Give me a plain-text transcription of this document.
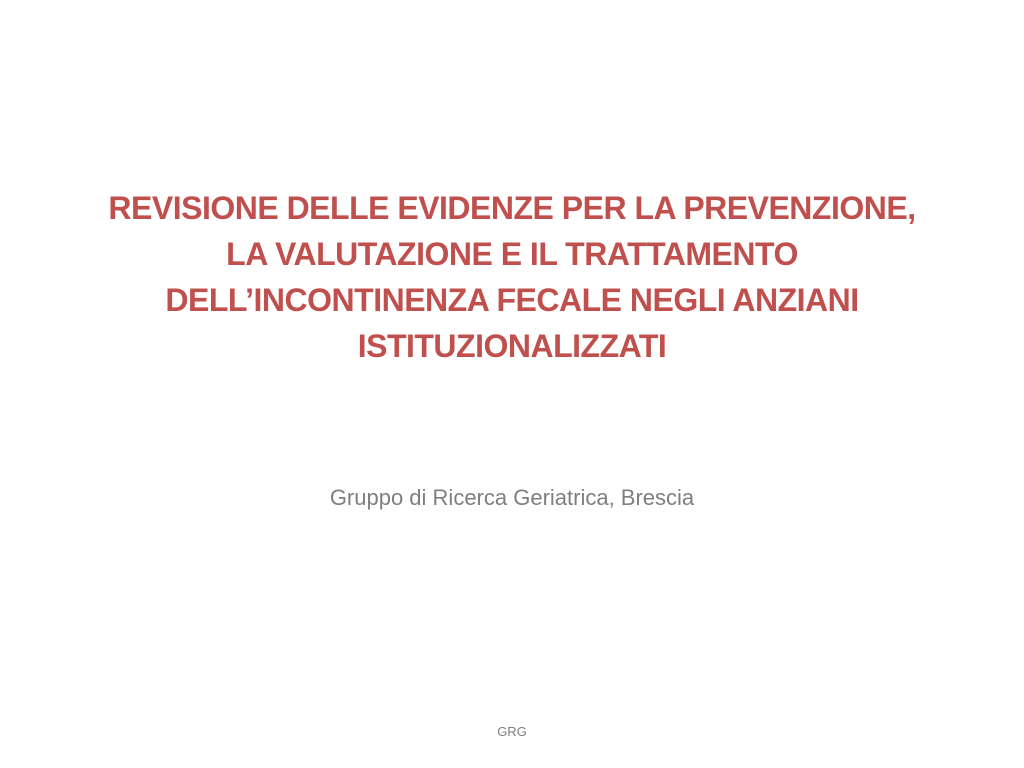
REVISIONE DELLE EVIDENZE PER LA PREVENZIONE,
LA VALUTAZIONE E IL TRATTAMENTO
DELL’INCONTINENZA FECALE NEGLI ANZIANI
ISTITUZIONALIZZATI
Gruppo di Ricerca Geriatrica, Brescia
GRG
